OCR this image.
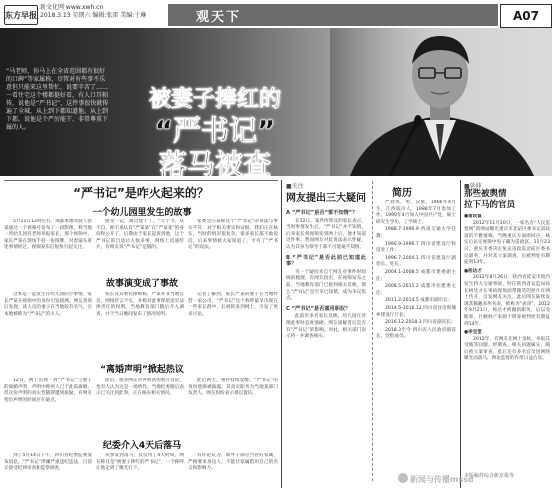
东方早报
新文化网 www.xwh.cn
2018.3.13 星期六 编辑:张雷 美编:于琳	观天下	A07
“马老师，你马上在全省范围都有很好的口碑”等家属称，尽管对有些事不乐意但只能来这里帮忙，说要辛苦了……一看住宅这个楼都挺好看，有人口耳相传，说他是“严书记”，这件事很快就传遍了全城，从上到下都知道他。从上到下都，说他是个严厉能干、非常尊重下属的人。
被妻子捧红的
“严书记”
落马被查
“严书记”是咋火起来的？
一个幼儿园里发生的故事

5月11日12时左右，成都本地驾驶人张某通过一个视频号发布了一段影像，称当地一所幼儿园有老师举报家长，那个视频中，家长严某在现场手持一张纸牌，对着镜头讲述事情经过。视频发布后很快引起关注。

接受一记，离员建于丁。“大于今，从不自，即不承认有“严某某”在“严某某”的身份和公开了，后期由于家长起诉到他，这个严书记的自述让人很多事，网络上迅速传开，有网友说“严书记”是假的。

家委会汪某称这个“严书记”的说法与事实不符，对于相关事实和证据，我们正在核实。当时的情况很复杂，很多家长都不敢说话，后来事情被大家知道了，才有了“严书记”的说法。

故事演变成了事故

这本是一起发生在幼儿园的小事情，家长严某在视频中的身份引发猜测。网友查询后发现，该人员的妻子在当地较有名气，在本地被称为“严书记”的夫人。

家长及其委托律师称，严某并非当地官员，网络传言不实，并称对此事保留追究法律责任的权利。当地教育部门随后介入调查，并于当日晚间发布了情况说明。

记者了解到，家长严某的妻子在当地经营一家公司，“严书记”这个称呼最早出现在一些家长群中，后被转发到网上，引发了更多讨论。

“离婚声明”掀起热议

12日，网上出现一封“严书记”与妻子的离婚声明，声明中称两人已于此前离婚，但这份声明的真实性随即遭到质疑，有网友指出声明的时间存在疑点。

而后，很多网友对声明真伪展开讨论，也有人认为这是一场炒作。当地纪委随后表示已关注到此事，正在核实相关情况。

此后两天，事件持续发酵，“严书记”的身份逐渐被披露，其真实职务为当地某部门负责人，网友纷纷表示难以置信。

纪委介入4天后落马

到了5月14日下午，四川省纪委监委发布消息，“严书记”涉嫌严重违纪违法，目前正接受纪律审查和监察调查。

从事发到落马，仅仅用了4天时间，网友称这是“被妻子捧红的严书记”，一个称呼让他走到了聚光灯下。

有评论认为，领导干部应当管好家属，严格要求身边人，不能让家属借用自己的名义和影响力。

■关注
网友提出三大疑问
A “严书记”是否“雷不知情”？

在12日，案件所涉及的家长表示，当时事情发生后，“严书记”并不知情，后来家长将视频发到网上后，他才知道这件事。然而网友对此说法表示怀疑，认为其身为领导干部不可能毫不知情。

B “严书记”是否此前已知道此事？

另一个疑问来自于网友对事件时间线的梳理，有网友指出，在视频发布之前，当地教育部门已接到相关反映，那么“严书记”是否早已知情，成为争议焦点。

C “严书记”是否滥用职权？

此前有多名家长反映，幼儿园在处理此事时态度强硬，网友质疑背后是否有“严书记”的影响。对此，相关部门表示将一并调查核实。

简历

严春风，男，汉族，1966年4月生，江西临川人，1988年7月参加工作，1990年4月加入中国共产党，硕士研究生学历，工学硕士。

1988.7-1990.9 西南交通大学任教；

1990.9-1996.7 四川省建设厅科技处工作；

1996.7-2004.1 四川省建设厅副处长、处长；

2004.1-2008.5 成都市建委副主任；

2008.5-2011.2 成都市住建委主任；

2011.2-2014.5 成都市副市长；

2014.5-2016.12 四川省住房和城乡建设厅厅长；

2016.12-2018.3 四川省副省长；

2018.3至今 四川省人民政府副省长、党组成员。

■延伸
那些被舆情
拉下马的官员
●雷政富

2012年11月20日，一家名为“人民监督网”的网站曝光重庆市北碚区委书记雷政富的不雅视频。当晚重庆方面即回应，核实后认定视频中男子确为雷政富。11月23日，重庆市委决定免去雷政富北碚区委书记职务，并对其立案调查。后被判处有期徒刑13年。

●杨达才

2012年8月26日，陕西省延安市境内发生特大交通事故，时任陕西省安监局局长杨达才在事故现场面带微笑的照片在网上传开，引发网友关注。此后网友陆续发现其佩戴多块名表，被称为“表哥”。2012年9月21日，杨达才被撤销职务，后以受贿罪、巨额财产来源不明罪被判处有期徒刑14年。

●李宝堂

2012年，有网友在网上发帖，举报其受贿等问题。经调查，相关问题属实，随后被立案审查。此后还有多名官员因网络曝光而落马，舆论监督的作用日益凸显。

本版稿件综合新京报等
新闻与传播mssd
